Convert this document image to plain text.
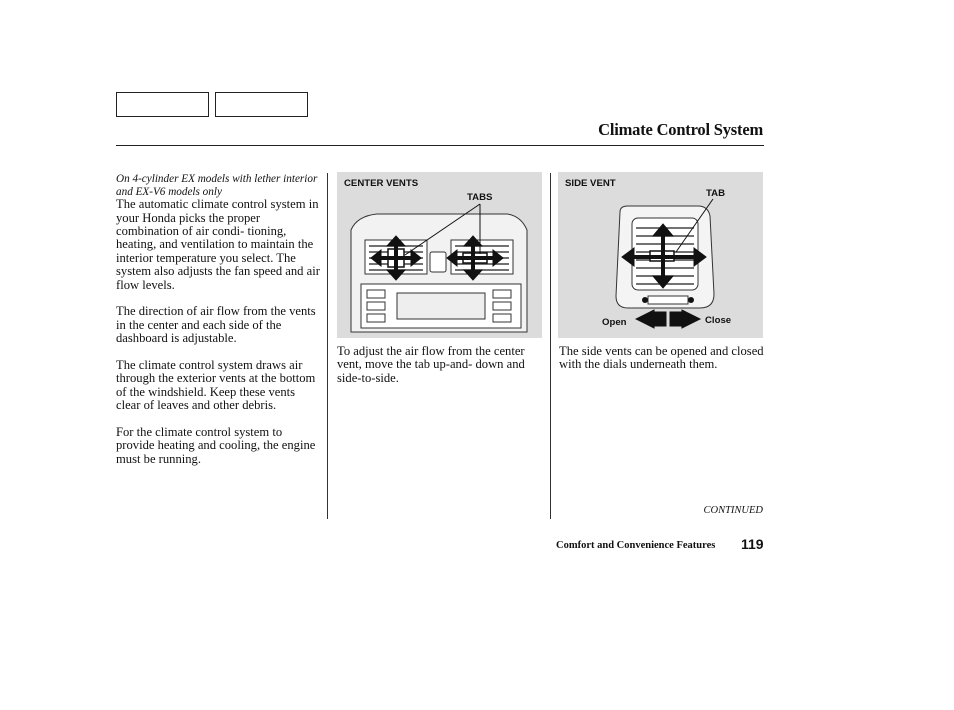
Climate Control System
On 4-cylinder EX models with lether interior and EX-V6 models only

The automatic climate control system in your Honda picks the proper combination of air condi- tioning, heating, and ventilation to maintain the interior temperature you select. The system also adjusts the fan speed and air flow levels.

The direction of air flow from the vents in the center and each side of the dashboard is adjustable.

The climate control system draws air through the exterior vents at the bottom of the windshield. Keep these vents clear of leaves and other debris.

For the climate control system to provide heating and cooling, the engine must be running.

CENTER VENTS
TABS
SIDE VENT
TAB
Open	Close
To adjust the air flow from the center vent, move the tab up-and- down and side-to-side.
The side vents can be opened and closed with the dials underneath them.
CONTINUED
Comfort and Convenience Features 119
